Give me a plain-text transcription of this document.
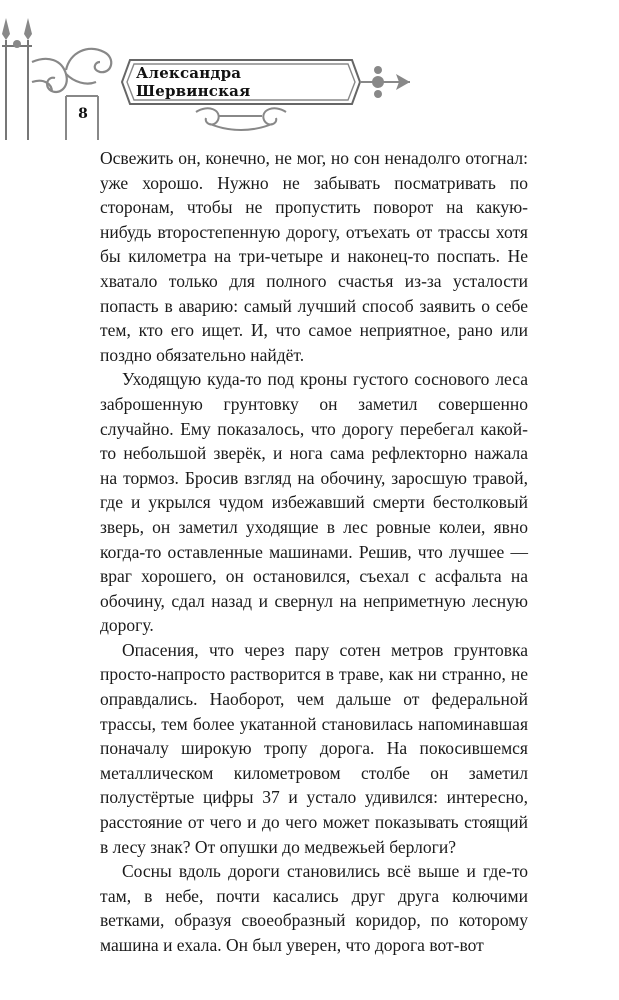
Александра Шервинская
8

Освежить он, конечно, не мог, но сон ненадолго отогнал: уже хорошо. Нужно не забывать посматривать по сторонам, чтобы не пропустить поворот на какую-нибудь второстепенную дорогу, отъехать от трассы хотя бы километра на три-четыре и наконец-то поспать. Не хватало только для полного счастья из-за усталости попасть в аварию: самый лучший способ заявить о себе тем, кто его ищет. И, что самое неприятное, рано или поздно обязательно найдёт.

Уходящую куда-то под кроны густого соснового леса заброшенную грунтовку он заметил совершенно случайно. Ему показалось, что дорогу перебегал какой-то небольшой зверёк, и нога сама рефлекторно нажала на тормоз. Бросив взгляд на обочину, заросшую травой, где и укрылся чудом избежавший смерти бестолковый зверь, он заметил уходящие в лес ровные колеи, явно когда-то оставленные машинами. Решив, что лучшее — враг хорошего, он остановился, съехал с асфальта на обочину, сдал назад и свернул на неприметную лесную дорогу.

Опасения, что через пару сотен метров грунтовка просто-напросто растворится в траве, как ни странно, не оправдались. Наоборот, чем дальше от федеральной трассы, тем более укатанной становилась напоминавшая поначалу широкую тропу дорога. На покосившемся металлическом километровом столбе он заметил полустёртые цифры 37 и устало удивился: интересно, расстояние от чего и до чего может показывать стоящий в лесу знак? От опушки до медвежьей берлоги?

Сосны вдоль дороги становились всё выше и где-то там, в небе, почти касались друг друга колючими ветками, образуя своеобразный коридор, по которому машина и ехала. Он был уверен, что дорога вот-вот
